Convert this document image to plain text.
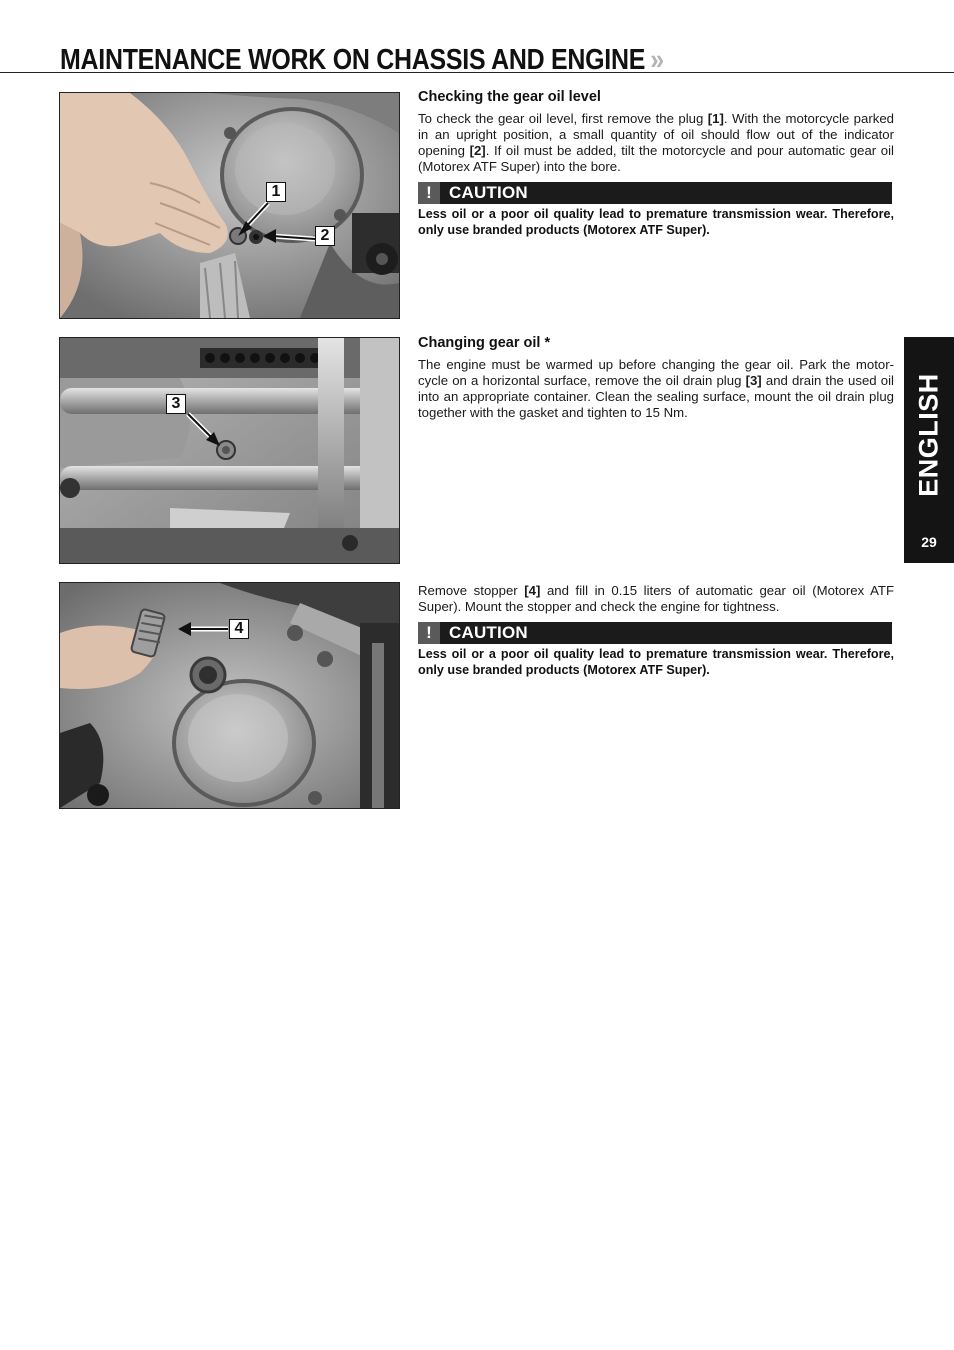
MAINTENANCE WORK ON CHASSIS AND ENGINE »
ENGLISH
29
1
2
Checking the gear oil level

To check the gear oil level, first remove the plug [1]. With the motorcycle parked in an upright position, a small quantity of oil should flow out of the indicator opening [2]. If oil must be added, tilt the motorcycle and pour automatic gear oil (Motorex ATF Super) into the bore.

!	CAUTION

Less oil or a poor oil quality lead to premature transmission wear. Therefore, only use branded products (Motorex ATF Super).

3
Changing gear oil *

The engine must be warmed up before changing the gear oil. Park the motor-cycle on a horizontal surface, remove the oil drain plug [3] and drain the used oil into an appropriate container. Clean the sealing surface, mount the oil drain plug together with the gasket and tighten to 15 Nm.

4

Remove stopper [4] and fill in 0.15 liters of automatic gear oil (Motorex ATF Super). Mount the stopper and check the engine for tightness.

!	CAUTION

Less oil or a poor oil quality lead to premature transmission wear. Therefore, only use branded products (Motorex ATF Super).
